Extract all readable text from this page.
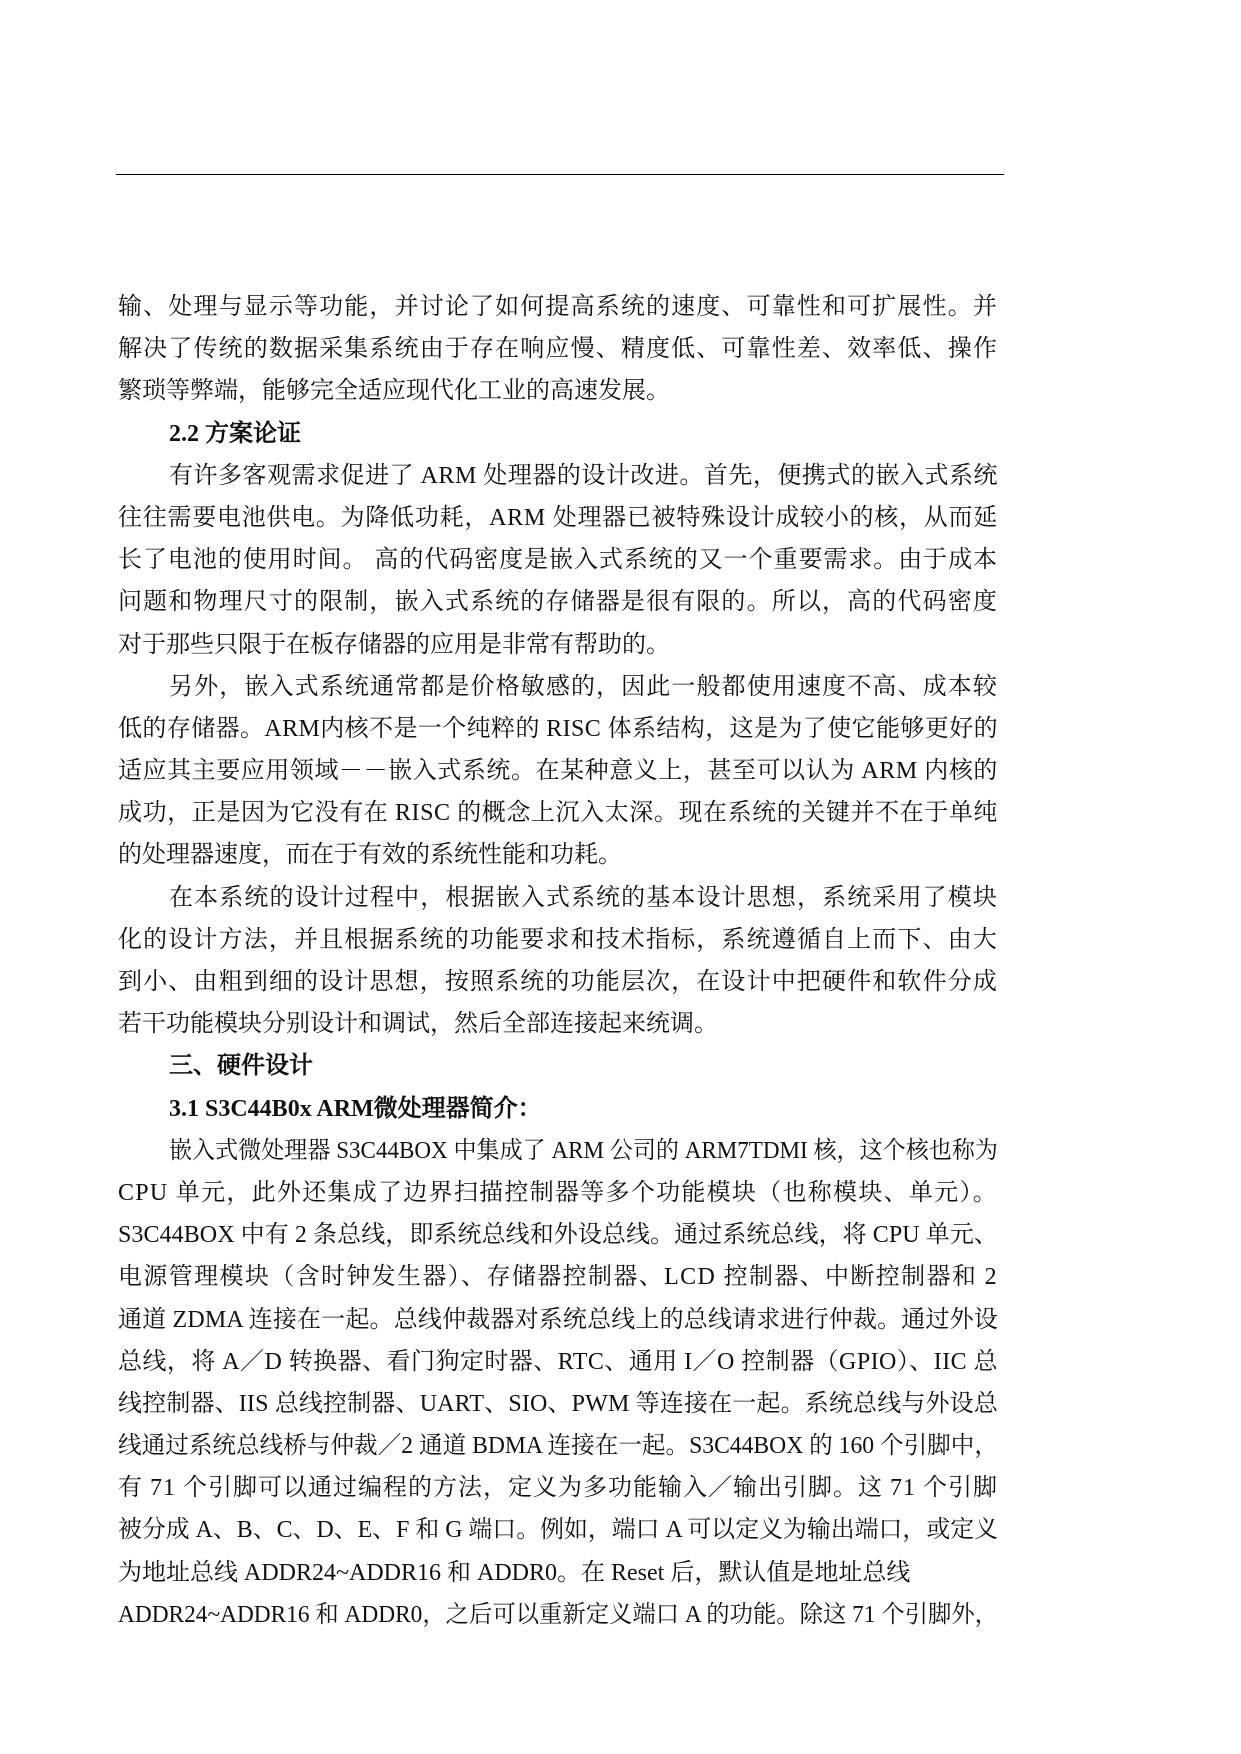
输、处理与显示等功能，并讨论了如何提高系统的速度、可靠性和可扩展性。并
解决了传统的数据采集系统由于存在响应慢、精度低、可靠性差、效率低、操作
繁琐等弊端，能够完全适应现代化工业的高速发展。
2.2 方案论证
有许多客观需求促进了 ARM 处理器的设计改进。首先，便携式的嵌入式系统
往往需要电池供电。为降低功耗，ARM 处理器已被特殊设计成较小的核，从而延
长了电池的使用时间。 高的代码密度是嵌入式系统的又一个重要需求。由于成本
问题和物理尺寸的限制，嵌入式系统的存储器是很有限的。所以，高的代码密度
对于那些只限于在板存储器的应用是非常有帮助的。
另外，嵌入式系统通常都是价格敏感的，因此一般都使用速度不高、成本较
低的存储器。ARM内核不是一个纯粹的 RISC 体系结构，这是为了使它能够更好的
适应其主要应用领域－－嵌入式系统。在某种意义上，甚至可以认为 ARM 内核的
成功，正是因为它没有在 RISC 的概念上沉入太深。现在系统的关键并不在于单纯
的处理器速度，而在于有效的系统性能和功耗。
在本系统的设计过程中，根据嵌入式系统的基本设计思想，系统采用了模块
化的设计方法，并且根据系统的功能要求和技术指标，系统遵循自上而下、由大
到小、由粗到细的设计思想，按照系统的功能层次，在设计中把硬件和软件分成
若干功能模块分别设计和调试，然后全部连接起来统调。
三、硬件设计
3.1 S3C44B0x ARM微处理器简介：
嵌入式微处理器 S3C44BOX 中集成了 ARM 公司的 ARM7TDMI 核，这个核也称为
CPU 单元，此外还集成了边界扫描控制器等多个功能模块（也称模块、单元）。
S3C44BOX 中有 2 条总线，即系统总线和外设总线。通过系统总线，将 CPU 单元、
电源管理模块（含时钟发生器）、存储器控制器、LCD 控制器、中断控制器和 2
通道 ZDMA 连接在一起。总线仲裁器对系统总线上的总线请求进行仲裁。通过外设
总线，将 A／D 转换器、看门狗定时器、RTC、通用 I／O 控制器（GPIO）、IIC 总
线控制器、IIS 总线控制器、UART、SIO、PWM 等连接在一起。系统总线与外设总
线通过系统总线桥与仲裁／2 通道 BDMA 连接在一起。S3C44BOX 的 160 个引脚中，
有 71 个引脚可以通过编程的方法，定义为多功能输入／输出引脚。这 71 个引脚
被分成 A、B、C、D、E、F 和 G 端口。例如，端口 A 可以定义为输出端口，或定义
为地址总线 ADDR24~ADDR16 和 ADDR0。在 Reset 后，默认值是地址总线
ADDR24~ADDR16 和 ADDR0，之后可以重新定义端口 A 的功能。除这 71 个引脚外，
